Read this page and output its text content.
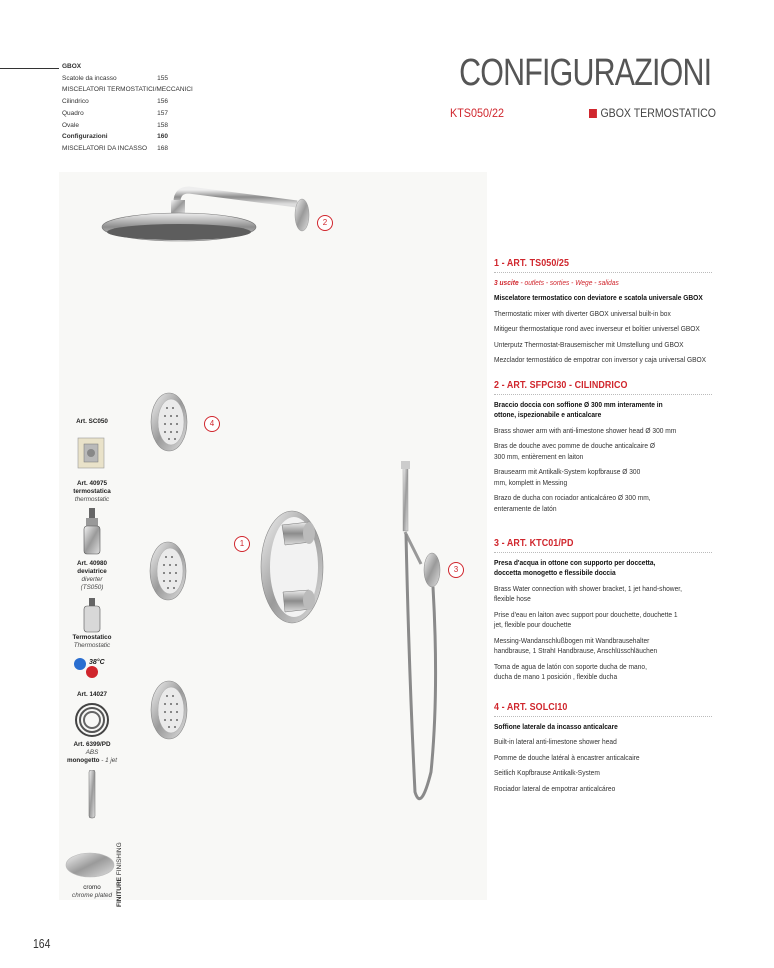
GBOX
Scatole da incasso	155
MISCELATORI TERMOSTATICI/MECCANICI
Cilindrico	156
Quadro	157
Ovale	158
Configurazioni	160
MISCELATORI DA INCASSO 168
CONFIGURAZIONI
KTS050/22	GBOX TERMOSTATICO
2
4
1
3
Art. SC050
Art. 40975
termostatica
thermostatic
Art. 40980
deviatrice
diverter
(TS050)
Termostatico
Thermostatic
38°C
Art. 14027
Art. 6399/PD
ABS
monogetto - 1 jet
cromo
chrome plated FINITURE FINISHING
1 - ART. TS050/25

3 uscite - outlets - sorties - Wege - salidas

Miscelatore termostatico con deviatore e scatola universale GBOX

Thermostatic mixer with diverter GBOX universal built-in box

Mitigeur thermostatique rond avec inverseur et boîtier universel GBOX

Unterputz Thermostat-Brausemischer mit Umstellung und GBOX

Mezclador termostático de empotrar con inversor y caja universal GBOX

2 - ART. SFPCI30 - CILINDRICO

Braccio doccia con soffione Ø 300 mm interamente in ottone, ispezionabile e anticalcare

Brass shower arm with anti-limestone shower head Ø 300 mm

Bras de douche avec pomme de douche anticalcaire Ø 300 mm, entièrement en laiton

Brausearm mit Antikalk-System kopfbrause Ø 300 mm, komplett in Messing

Brazo de ducha con rociador anticalcáreo Ø 300 mm, enteramente de latón

3 - ART. KTC01/PD

Presa d'acqua in ottone con supporto per doccetta, doccetta monogetto e flessibile doccia

Brass Water connection with shower bracket, 1 jet hand-shower, flexible hose

Prise d'eau en laiton avec support pour douchette, douchette 1 jet, flexible pour douchette

Messing-Wandanschlußbogen mit Wandbrausehalter handbrause, 1 StrahI Handbrause, Anschlüsschläuchen

Toma de agua de latón con soporte ducha de mano, ducha de mano 1 posición , flexible ducha

4 - ART. SOLCI10

Soffione laterale da incasso anticalcare

Built-in lateral anti-limestone shower head

Pomme de douche latéral à encastrer anticalcaire

Seitlich Kopfbrause Antikalk-System

Rociador lateral de empotrar anticalcáreo

164
